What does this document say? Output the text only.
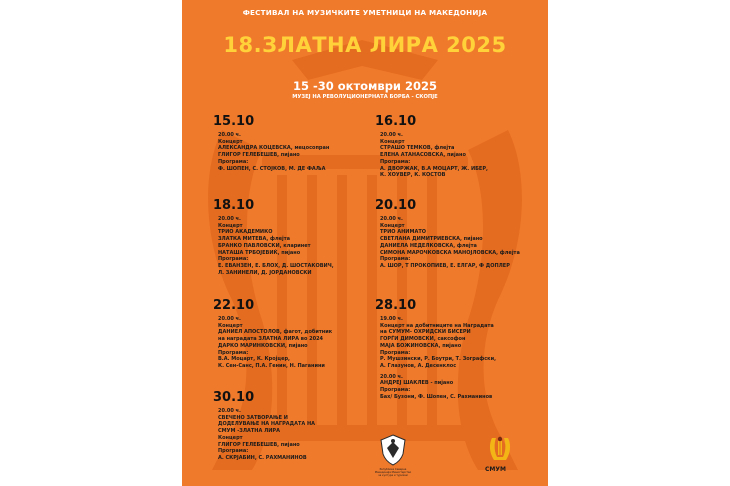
ФЕСТИВАЛ НА МУЗИЧКИТЕ УМЕТНИЦИ НА МАКЕДОНИЈА
18.ЗЛАТНА ЛИРА 2025
15 -30 октомври 2025
МУЗЕЈ НА РЕВОЛУЦИОНЕРНАТА БОРБА - СКОПЈЕ
15.10
20.00 ч.
Концерт
АЛЕКСАНДРА КОЦЕВСКА, мецосопран
ГЛИГОР ГЕЛЕБЕШЕВ, пијано
Програма:
Ф. ШОПЕН, С. СТОЈКОВ, М. ДЕ ФАЉА
16.10
20.00 ч.
Концерт
СТРАШО ТЕМКОВ, флејта
ЕЛЕНА АТАНАСОВСКА, пијано
Програма:
А. ДВОРЖАК, В.А МОЦАРТ, Ж. ИБЕР,
К. ХОУВЕР, К. КОСТОВ
18.10
20.00 ч.
Концерт
ТРИО АКАДЕМИКО
ЗЛАТКА МИТЕВА, флејта
БРАНКО ПАВЛОВСКИ, кларинет
НАТАША ТРБОЈЕВИЌ, пијано
Програма:
Е. ЕВАНЗЕН, Е. БЛОХ, Д. ШОСТАКОВИЧ,
Л. ЗАНИНЕЛИ, Д. ЈОРДАНОВСКИ
20.10
20.00 ч.
Концерт
ТРИО АНИМАТО
СВЕТЛАНА ДИМИТРИЕВСКА, пијано
ДАНИЕЛА НЕДЕЛКОВСКА, флејта
СИМОНА МАРОЧКОВСКА МАНОЈЛОВСКА, флејта
Програма:
А. ШОР, Т ПРОКОПИЕВ, Е. ЕЛГАР, Ф ДОПЛЕР
22.10
20.00 ч.
Концерт
ДАНИЕЛ АПОСТОЛОВ, фагот, добитник
на наградата ЗЛАТНА ЛИРА во 2024
ДАРКО МАРИНКОВСКИ, пијано
Програма:
В.А. Моцарт, К. Кројцер,
К. Сен-Санс, П.А. Генин, Н. Паганини
28.10
19.00 ч.
Концерт на добитниците на Наградата
на СУМУМ- ОХРИДСКИ БИСЕРИ
ГОРЃИ ДИМОВСКИ, саксофон
МАЈА БОЖИНОВСКА, пијано
Програма:
Р. Мушзински, Р. Боутри, Т. Зографски,
А. Глазунов, А. Десенклос
20.00 ч.
АНДРЕЈ ШАКЛЕВ - пијано
Програма:
Бах/ Бузони, Ф. Шопен, С. Рахманинов
30.10
20.00 ч.
СВЕЧЕНО ЗАТВОРАЊЕ И
ДОДЕЛУВАЊЕ НА НАГРАДАТА НА
СМУМ -ЗЛАТНА ЛИРА
Концерт
ГЛИГОР ГЕЛЕБЕШЕВ, пијано
Програма:
А. СКРЈАБИН, С. РАХМАНИНОВ
Република Северна Македонија Министерство за култура и туризам
СМУМ
